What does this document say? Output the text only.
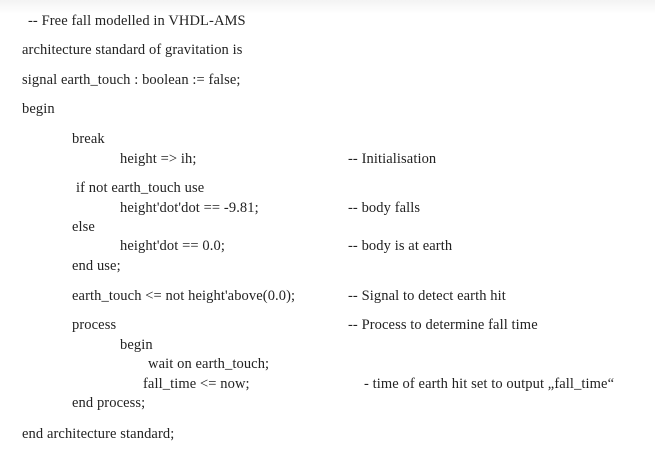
-- Free fall modelled in VHDL-AMS
architecture standard of gravitation is
signal earth_touch : boolean := false;
begin
break
height => ih;	-- Initialisation
if not earth_touch use
height'dot'dot == -9.81;	-- body falls
else
height'dot == 0.0;	-- body is at earth
end use;
earth_touch <= not height'above(0.0);	-- Signal to detect earth hit
process	-- Process to determine fall time
begin
wait on earth_touch;
fall_time <= now;	- time of earth hit set to output „fall_time“
end process;
end architecture standard;
